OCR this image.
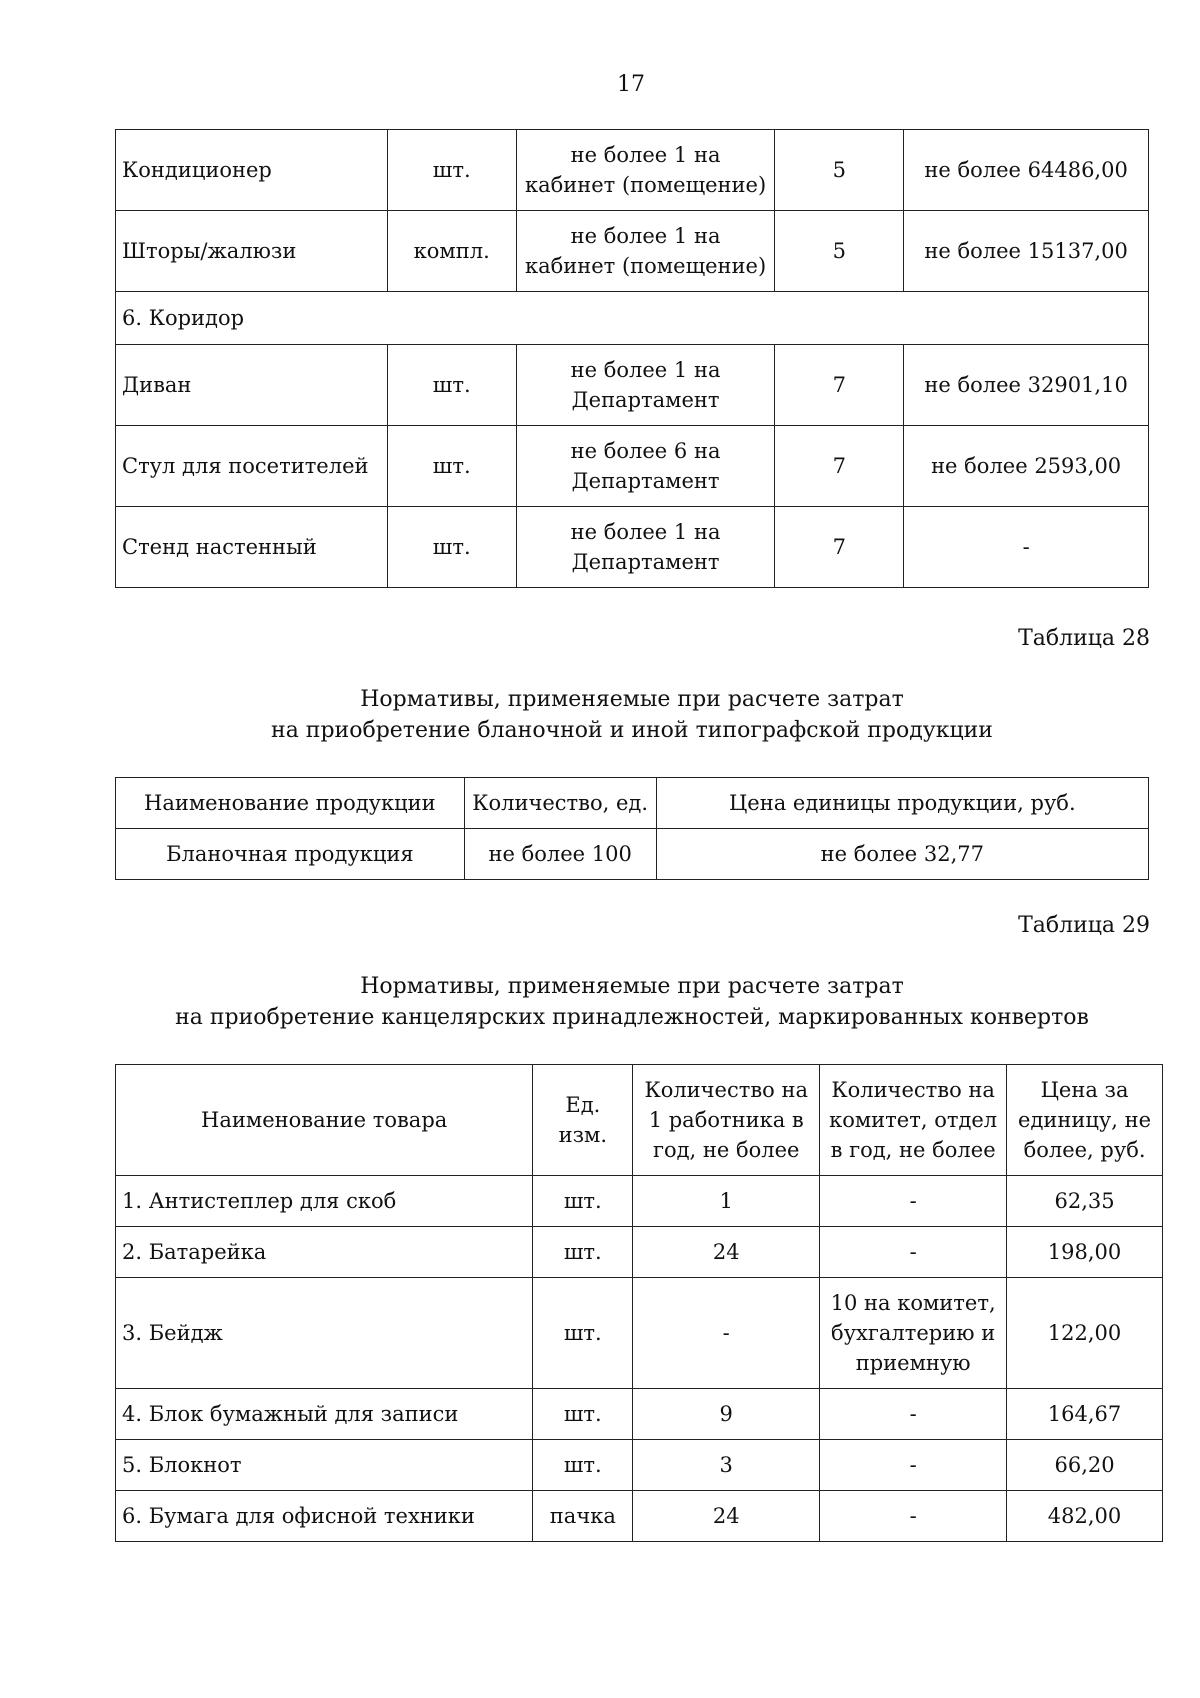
17
Кондиционер	шт.	не более 1 на кабинет (помещение)	5	не более 64486,00
Шторы/жалюзи	компл.	не более 1 на кабинет (помещение)	5	не более 15137,00
6. Коридор				
Диван	шт.	не более 1 на Департамент	7	не более 32901,10
Стул для посетителей	шт.	не более 6 на Департамент	7	не более 2593,00
Стенд настенный	шт.	не более 1 на Департамент	7	-
Таблица 28
Нормативы, применяемые при расчете затрат
на приобретение бланочной и иной типографской продукции
Наименование продукции	Количество, ед.	Цена единицы продукции, руб.
Бланочная продукция	не более 100	не более 32,77
Таблица 29
Нормативы, применяемые при расчете затрат
на приобретение канцелярских принадлежностей, маркированных конвертов
Наименование товара	Ед. изм.	Количество на 1 работника в год, не более	Количество на комитет, отдел в год, не более	Цена за единицу, не более, руб.
1. Антистеплер для скоб	шт.	1	-	62,35
2. Батарейка	шт.	24	-	198,00
3. Бейдж	шт.	-	10 на комитет, бухгалтерию и приемную	122,00
4. Блок бумажный для записи	шт.	9	-	164,67
5. Блокнот	шт.	3	-	66,20
6. Бумага для офисной техники	пачка	24	-	482,00
